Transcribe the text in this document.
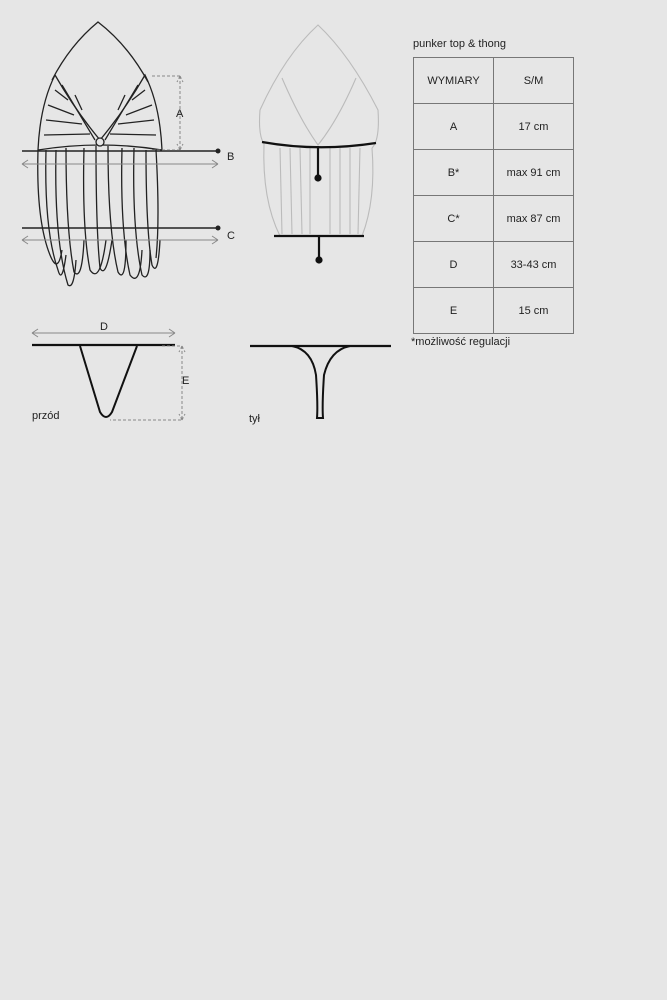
A
B
C
D
E
przód	tył
punker top & thong
WYMIARY	S/M
A	17 cm
B*	max 91 cm
C*	max 87 cm
D	33-43 cm
E	15 cm
*możliwość regulacji
